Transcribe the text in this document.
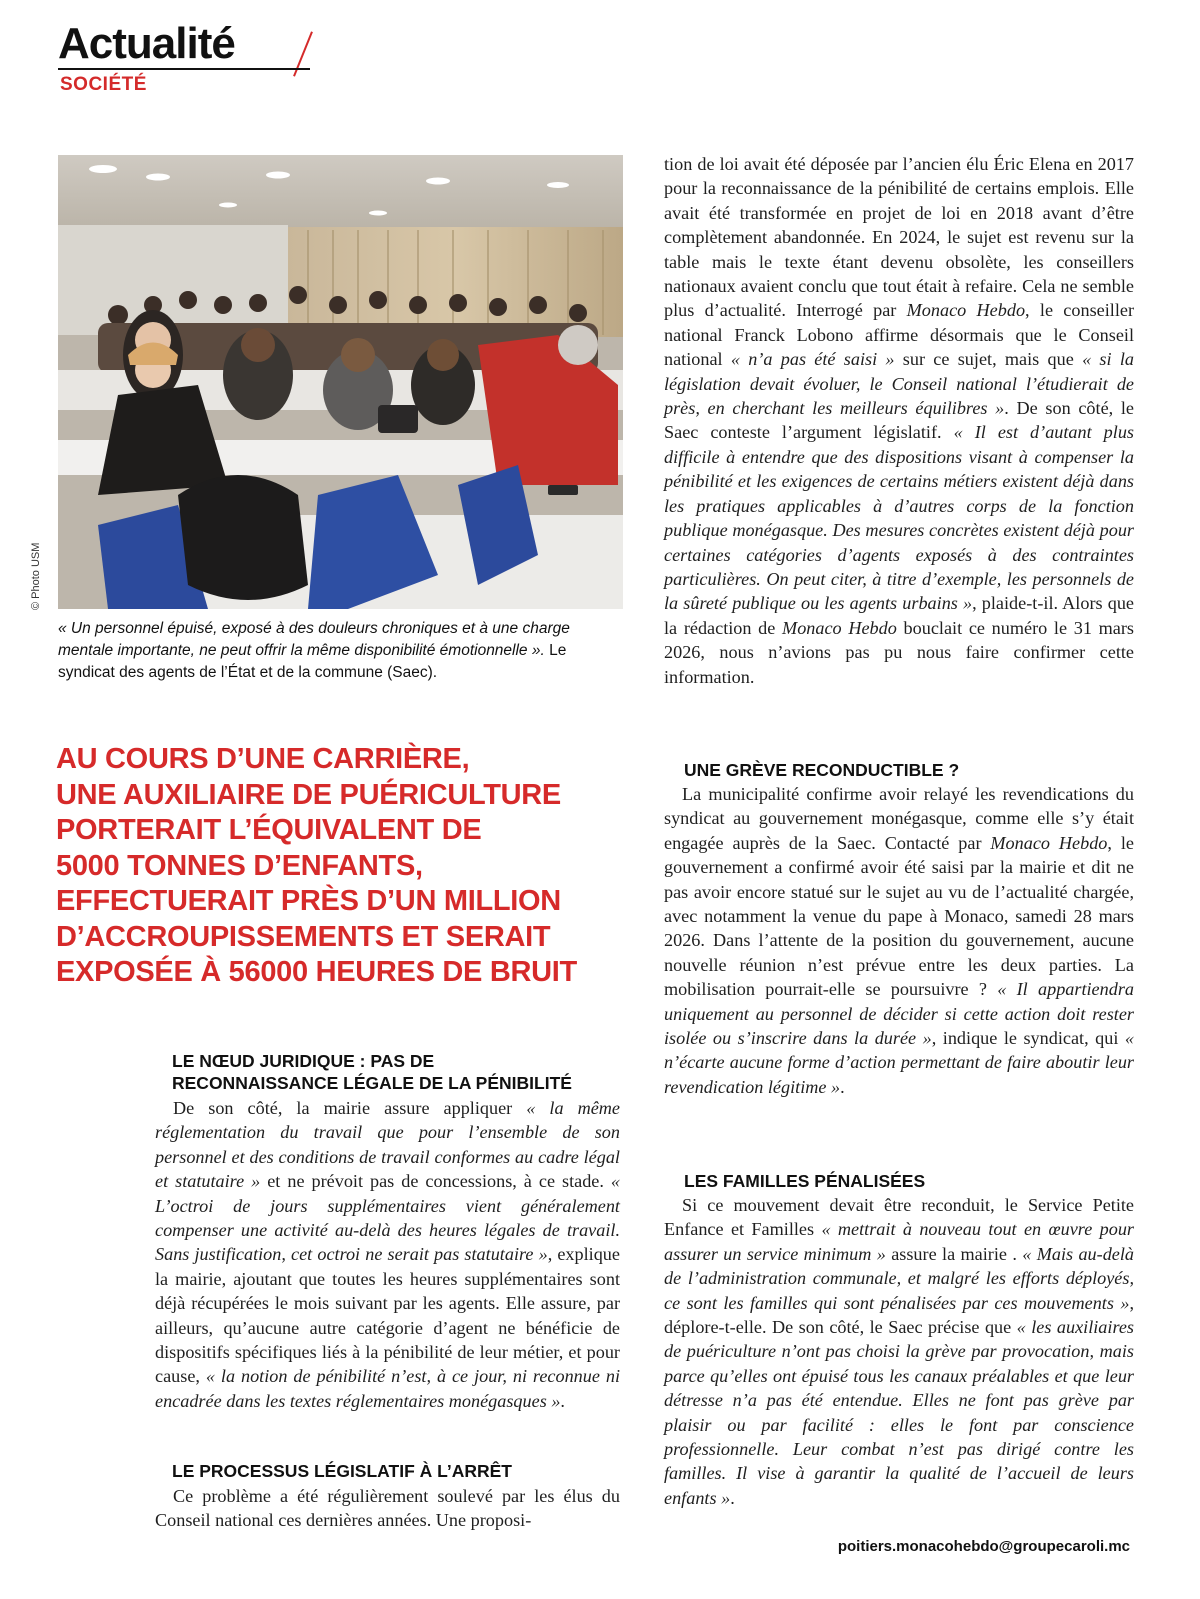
Actualité
SOCIÉTÉ
© Photo USM

« Un personnel épuisé, exposé à des douleurs chroniques et à une charge mentale importante, ne peut offrir la même disponibilité émotionnelle ». Le syndicat des agents de l’État et de la commune (Saec).

AU COURS D’UNE CARRIÈRE,
UNE AUXILIAIRE DE PUÉRICULTURE
PORTERAIT L’ÉQUIVALENT DE
5000 TONNES D’ENFANTS,
EFFECTUERAIT PRÈS D’UN MILLION
D’ACCROUPISSEMENTS ET SERAIT
EXPOSÉE À 56000 HEURES DE BRUIT
LE NŒUD JURIDIQUE : PAS DE
RECONNAISSANCE LÉGALE DE LA PÉNIBILITÉ

De son côté, la mairie assure appliquer « la même réglementation du travail que pour l’ensemble de son personnel et des conditions de travail conformes au cadre légal et statutaire » et ne prévoit pas de concessions, à ce stade. « L’octroi de jours supplémentaires vient généralement compenser une activité au-delà des heures légales de travail. Sans justification, cet octroi ne serait pas statutaire », explique la mairie, ajoutant que toutes les heures supplémentaires sont déjà récupérées le mois suivant par les agents. Elle assure, par ailleurs, qu’aucune autre catégorie d’agent ne bénéficie de dispositifs spécifiques liés à la pénibilité de leur métier, et pour cause, « la notion de pénibilité n’est, à ce jour, ni reconnue ni encadrée dans les textes réglementaires monégasques ».

LE PROCESSUS LÉGISLATIF À L’ARRÊT

Ce problème a été régulièrement soulevé par les élus du Conseil national ces dernières années. Une proposi-

tion de loi avait été déposée par l’ancien élu Éric Elena en 2017 pour la reconnaissance de la pénibilité de certains emplois. Elle avait été transformée en projet de loi en 2018 avant d’être complètement abandonnée. En 2024, le sujet est revenu sur la table mais le texte étant devenu obsolète, les conseillers nationaux avaient conclu que tout était à refaire. Cela ne semble plus d’actualité. Interrogé par Monaco Hebdo, le conseiller national Franck Lobono affirme désormais que le Conseil national « n’a pas été saisi » sur ce sujet, mais que « si la législation devait évoluer, le Conseil national l’étudierait de près, en cherchant les meilleurs équilibres ». De son côté, le Saec conteste l’argument législatif. « Il est d’autant plus difficile à entendre que des dispositions visant à compenser la pénibilité et les exigences de certains métiers existent déjà dans les pratiques applicables à d’autres corps de la fonction publique monégasque. Des mesures concrètes existent déjà pour certaines catégories d’agents exposés à des contraintes particulières. On peut citer, à titre d’exemple, les personnels de la sûreté publique ou les agents urbains », plaide-t-il. Alors que la rédaction de Monaco Hebdo bouclait ce numéro le 31 mars 2026, nous n’avions pas pu nous faire confirmer cette information.

UNE GRÈVE RECONDUCTIBLE ?

La municipalité confirme avoir relayé les revendications du syndicat au gouvernement monégasque, comme elle s’y était engagée auprès de la Saec. Contacté par Monaco Hebdo, le gouvernement a confirmé avoir été saisi par la mairie et dit ne pas avoir encore statué sur le sujet au vu de l’actualité chargée, avec notamment la venue du pape à Monaco, samedi 28 mars 2026. Dans l’attente de la position du gouvernement, aucune nouvelle réunion n’est prévue entre les deux parties. La mobilisation pourrait-elle se poursuivre ? « Il appartiendra uniquement au personnel de décider si cette action doit rester isolée ou s’inscrire dans la durée », indique le syndicat, qui « n’écarte aucune forme d’action permettant de faire aboutir leur revendication légitime ».

LES FAMILLES PÉNALISÉES

Si ce mouvement devait être reconduit, le Service Petite Enfance et Familles « mettrait à nouveau tout en œuvre pour assurer un service minimum » assure la mairie . « Mais au-delà de l’administration communale, et malgré les efforts déployés, ce sont les familles qui sont pénalisées par ces mouvements », déplore-t-elle. De son côté, le Saec précise que « les auxiliaires de puériculture n’ont pas choisi la grève par provocation, mais parce qu’elles ont épuisé tous les canaux préalables et que leur détresse n’a pas été entendue. Elles ne font pas grève par plaisir ou par facilité : elles le font par conscience professionnelle. Leur combat n’est pas dirigé contre les familles. Il vise à garantir la qualité de l’accueil de leurs enfants ».

poitiers.monacohebdo@groupecaroli.mc
